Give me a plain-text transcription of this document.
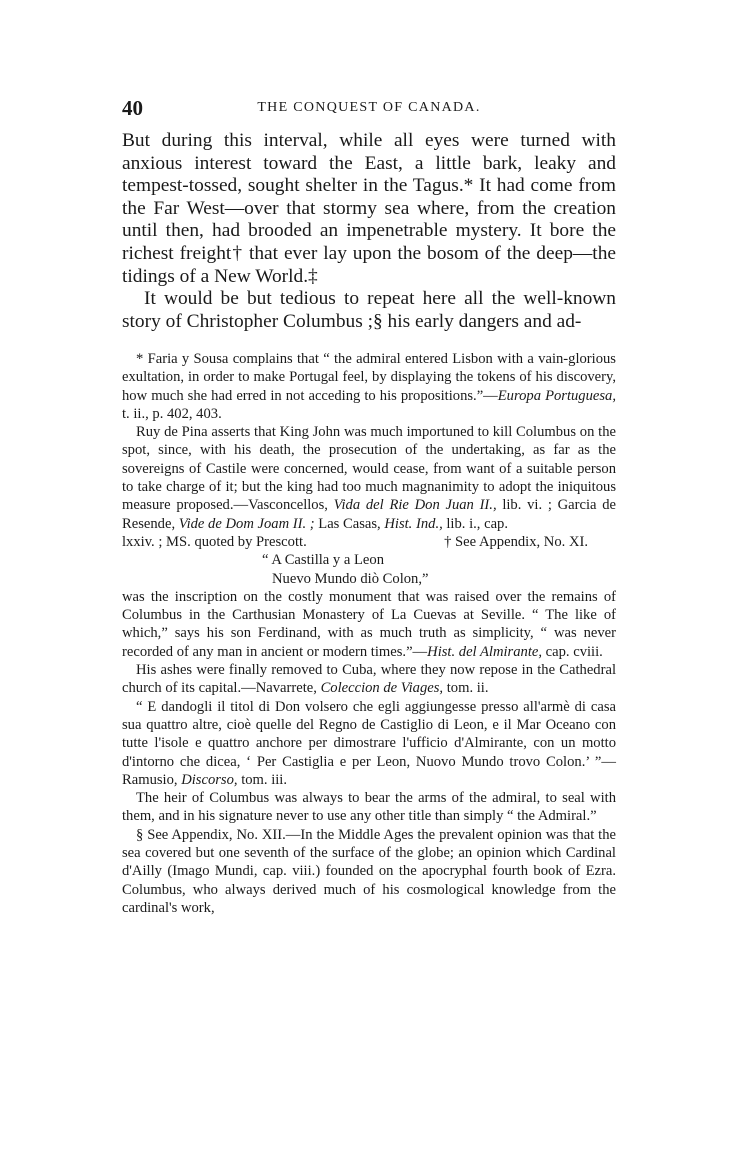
40	THE CONQUEST OF CANADA.

But during this interval, while all eyes were turned with anxious interest toward the East, a little bark, leaky and tempest-tossed, sought shelter in the Tagus.* It had come from the Far West—over that stormy sea where, from the creation until then, had brooded an impenetrable mystery. It bore the richest freight† that ever lay upon the bosom of the deep—the tidings of a New World.‡

It would be but tedious to repeat here all the well-known story of Christopher Columbus ;§ his early dangers and ad-

* Faria y Sousa complains that “ the admiral entered Lisbon with a vain-glorious exultation, in order to make Portugal feel, by displaying the tokens of his discovery, how much she had erred in not acceding to his propositions.”—Europa Portuguesa, t. ii., p. 402, 403.

Ruy de Pina asserts that King John was much importuned to kill Columbus on the spot, since, with his death, the prosecution of the undertaking, as far as the sovereigns of Castile were concerned, would cease, from want of a suitable person to take charge of it; but the king had too much magnanimity to adopt the iniquitous measure proposed.—Vasconcellos, Vida del Rie Don Juan II., lib. vi. ; Garcia de Resende, Vide de Dom Joam II. ; Las Casas, Hist. Ind., lib. i., cap.

lxxiv. ; MS. quoted by Prescott.	† See Appendix, No. XI.

“ A Castilla y a Leon

Nuevo Mundo diò Colon,”

was the inscription on the costly monument that was raised over the remains of Columbus in the Carthusian Monastery of La Cuevas at Seville. “ The like of which,” says his son Ferdinand, with as much truth as simplicity, “ was never recorded of any man in ancient or modern times.”—Hist. del Almirante, cap. cviii.

His ashes were finally removed to Cuba, where they now repose in the Cathedral church of its capital.—Navarrete, Coleccion de Viages, tom. ii.

“ E dandogli il titol di Don volsero che egli aggiungesse presso all'armè di casa sua quattro altre, cioè quelle del Regno de Castiglio di Leon, e il Mar Oceano con tutte l'isole e quattro anchore per dimostrare l'ufficio d'Almirante, con un motto d'intorno che dicea, ‘ Per Castiglia e per Leon, Nuovo Mundo trovo Colon.’ ”—Ramusio, Discorso, tom. iii.

The heir of Columbus was always to bear the arms of the admiral, to seal with them, and in his signature never to use any other title than simply “ the Admiral.”

§ See Appendix, No. XII.—In the Middle Ages the prevalent opinion was that the sea covered but one seventh of the surface of the globe; an opinion which Cardinal d'Ailly (Imago Mundi, cap. viii.) founded on the apocryphal fourth book of Ezra. Columbus, who always derived much of his cosmological knowledge from the cardinal's work,
